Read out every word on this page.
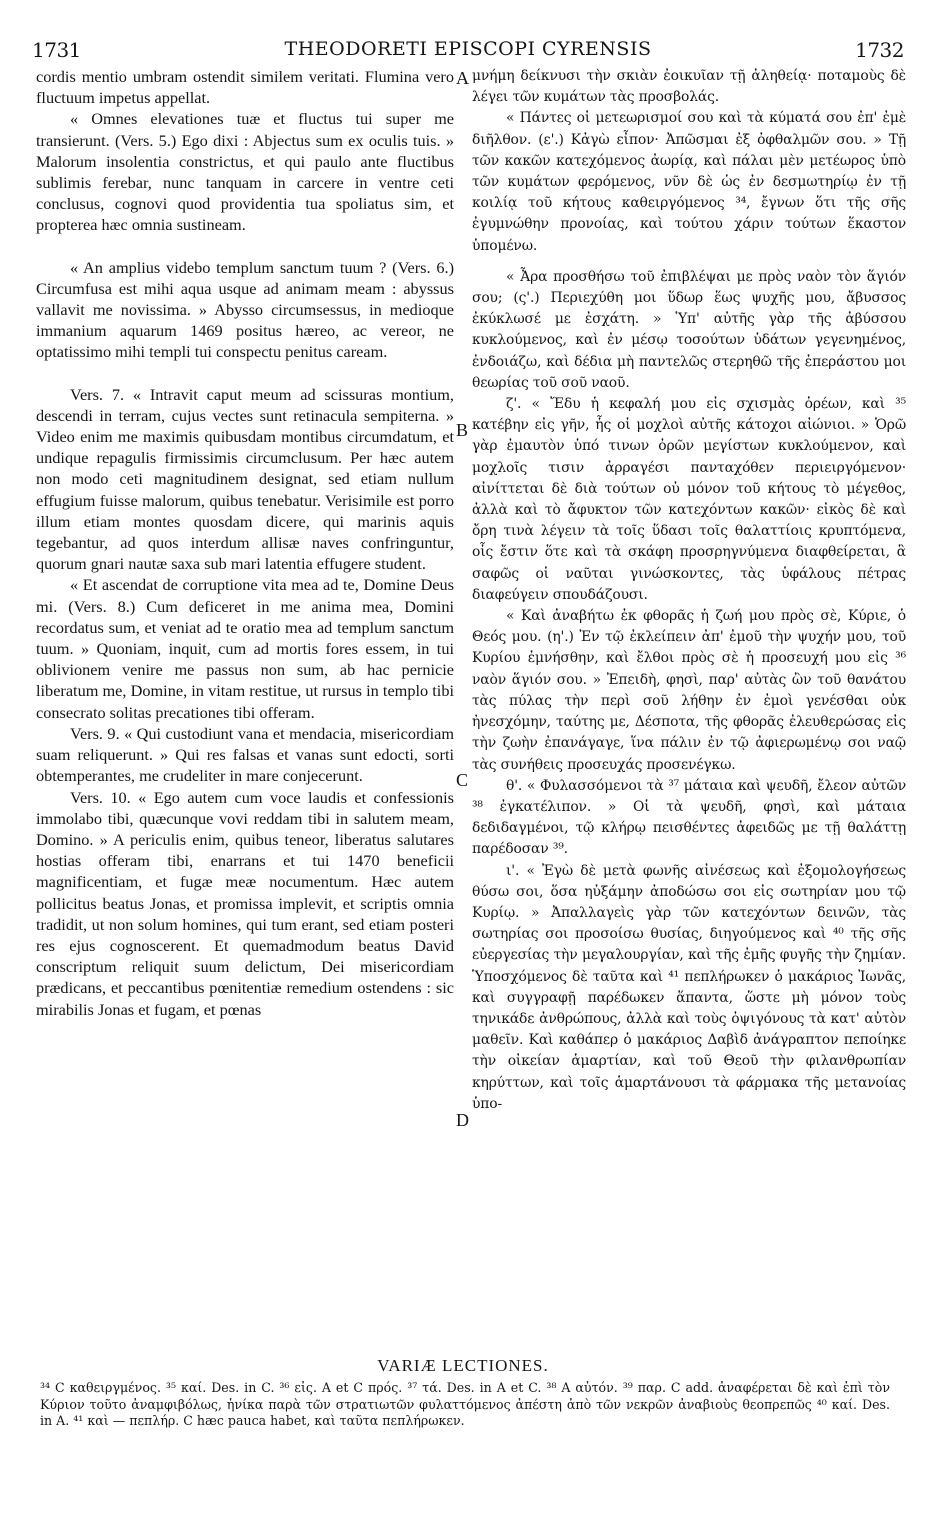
1731	THEODORETI EPISCOPI CYRENSIS	1732

cordis mentio umbram ostendit similem veritati. Flumina vero fluctuum impetus appellat.

« Omnes elevationes tuæ et fluctus tui super me transierunt. (Vers. 5.) Ego dixi : Abjectus sum ex oculis tuis. » Malorum insolentia constrictus, et qui paulo ante fluctibus sublimis ferebar, nunc tanquam in carcere in ventre ceti conclusus, cognovi quod providentia tua spoliatus sim, et propterea hæc omnia sustineam.

« An amplius videbo templum sanctum tuum ? (Vers. 6.) Circumfusa est mihi aqua usque ad animam meam : abyssus vallavit me novissima. » Abysso circumsessus, in medioque immanium aquarum 1469 positus hæreo, ac vereor, ne optatissimo mihi templi tui conspectu penitus caream.

Vers. 7. « Intravit caput meum ad scissuras montium, descendi in terram, cujus vectes sunt retinacula sempiterna. » Video enim me maximis quibusdam montibus circumdatum, et undique repagulis firmissimis circumclusum. Per hæc autem non modo ceti magnitudinem designat, sed etiam nullum effugium fuisse malorum, quibus tenebatur. Verisimile est porro illum etiam montes quosdam dicere, qui marinis aquis tegebantur, ad quos interdum allisæ naves confringuntur, quorum gnari nautæ saxa sub mari latentia effugere student.

« Et ascendat de corruptione vita mea ad te, Domine Deus mi. (Vers. 8.) Cum deficeret in me anima mea, Domini recordatus sum, et veniat ad te oratio mea ad templum sanctum tuum. » Quoniam, inquit, cum ad mortis fores essem, in tui oblivionem venire me passus non sum, ab hac pernicie liberatum me, Domine, in vitam restitue, ut rursus in templo tibi consecrato solitas precationes tibi offeram.

Vers. 9. « Qui custodiunt vana et mendacia, misericordiam suam reliquerunt. » Qui res falsas et vanas sunt edocti, sorti obtemperantes, me crudeliter in mare conjecerunt.

Vers. 10. « Ego autem cum voce laudis et confessionis immolabo tibi, quæcunque vovi reddam tibi in salutem meam, Domino. » A periculis enim, quibus teneor, liberatus salutares hostias offeram tibi, enarrans et tui 1470 beneficii magnificentiam, et fugæ meæ nocumentum. Hæc autem pollicitus beatus Jonas, et promissa implevit, et scriptis omnia tradidit, ut non solum homines, qui tum erant, sed etiam posteri res ejus cognoscerent. Et quemadmodum beatus David conscriptum reliquit suum delictum, Dei misericordiam prædicans, et peccantibus pœnitentiæ remedium ostendens : sic mirabilis Jonas et fugam, et pœnas

μνήμη δείκνυσι τὴν σκιὰν ἐοικυῖαν τῇ ἀληθείᾳ· ποταμοὺς δὲ λέγει τῶν κυμάτων τὰς προσβολάς.

« Πάντες οἱ μετεωρισμοί σου καὶ τὰ κύματά σου ἐπ' ἐμὲ διῆλθον. (ε'.) Κἀγὼ εἶπον· Ἀπῶσμαι ἐξ ὀφθαλμῶν σου. » Τῇ τῶν κακῶν κατεχόμενος ἀωρίᾳ, καὶ πάλαι μὲν μετέωρος ὑπὸ τῶν κυμάτων φερόμενος, νῦν δὲ ὡς ἐν δεσμωτηρίῳ ἐν τῇ κοιλίᾳ τοῦ κήτους καθειργόμενος ³⁴, ἔγνων ὅτι τῆς σῆς ἐγυμνώθην προνοίας, καὶ τούτου χάριν τούτων ἕκαστον ὑπομένω.

« Ἆρα προσθήσω τοῦ ἐπιβλέψαι με πρὸς ναὸν τὸν ἅγιόν σου; (ς'.) Περιεχύθη μοι ὕδωρ ἕως ψυχῆς μου, ἄβυσσος ἐκύκλωσέ με ἐσχάτη. » Ὑπ' αὐτῆς γὰρ τῆς ἀβύσσου κυκλούμενος, καὶ ἐν μέσῳ τοσούτων ὑδάτων γεγενημένος, ἐνδοιάζω, καὶ δέδια μὴ παντελῶς στερηθῶ τῆς ἐπεράστου μοι θεωρίας τοῦ σοῦ ναοῦ.

ζ'. « Ἔδυ ἡ κεφαλή μου εἰς σχισμὰς ὀρέων, καὶ ³⁵ κατέβην εἰς γῆν, ἧς οἱ μοχλοὶ αὐτῆς κάτοχοι αἰώνιοι. » Ὁρῶ γὰρ ἐμαυτὸν ὑπό τινων ὀρῶν μεγίστων κυκλούμενον, καὶ μοχλοῖς τισιν ἀρραγέσι πανταχόθεν περιειργόμενον· αἰνίττεται δὲ διὰ τούτων οὐ μόνον τοῦ κήτους τὸ μέγεθος, ἀλλὰ καὶ τὸ ἄφυκτον τῶν κατεχόντων κακῶν· εἰκὸς δὲ καὶ ὄρη τινὰ λέγειν τὰ τοῖς ὕδασι τοῖς θαλαττίοις κρυπτόμενα, οἷς ἔστιν ὅτε καὶ τὰ σκάφη προσρηγνύμενα διαφθείρεται, ἃ σαφῶς οἱ ναῦται γινώσκοντες, τὰς ὑφάλους πέτρας διαφεύγειν σπουδάζουσι.

« Καὶ ἀναβήτω ἐκ φθορᾶς ἡ ζωή μου πρὸς σὲ, Κύριε, ὁ Θεός μου. (η'.) Ἐν τῷ ἐκλείπειν ἀπ' ἐμοῦ τὴν ψυχήν μου, τοῦ Κυρίου ἐμνήσθην, καὶ ἔλθοι πρὸς σὲ ἡ προσευχή μου εἰς ³⁶ ναὸν ἅγιόν σου. » Ἐπειδὴ, φησὶ, παρ' αὐτὰς ὢν τοῦ θανάτου τὰς πύλας τὴν περὶ σοῦ λήθην ἐν ἐμοὶ γενέσθαι οὐκ ἠνεσχόμην, ταύτης με, Δέσποτα, τῆς φθορᾶς ἐλευθερώσας εἰς τὴν ζωὴν ἐπανάγαγε, ἵνα πάλιν ἐν τῷ ἀφιερωμένῳ σοι ναῷ τὰς συνήθεις προσευχάς προσενέγκω.

θ'. « Φυλασσόμενοι τὰ ³⁷ μάταια καὶ ψευδῆ, ἔλεον αὐτῶν ³⁸ ἐγκατέλιπον. » Οἱ τὰ ψευδῆ, φησὶ, καὶ μάταια δεδιδαγμένοι, τῷ κλήρῳ πεισθέντες ἀφειδῶς με τῇ θαλάττῃ παρέδοσαν ³⁹.

ι'. « Ἐγὼ δὲ μετὰ φωνῆς αἰνέσεως καὶ ἐξομολογήσεως θύσω σοι, ὅσα ηὐξάμην ἀποδώσω σοι εἰς σωτηρίαν μου τῷ Κυρίῳ. » Ἀπαλλαγεὶς γὰρ τῶν κατεχόντων δεινῶν, τὰς σωτηρίας σοι προσοίσω θυσίας, διηγούμενος καὶ ⁴⁰ τῆς σῆς εὐεργεσίας τὴν μεγαλουργίαν, καὶ τῆς ἐμῆς φυγῆς τὴν ζημίαν. Ὑποσχόμενος δὲ ταῦτα καὶ ⁴¹ πεπλήρωκεν ὁ μακάριος Ἰωνᾶς, καὶ συγγραφῇ παρέδωκεν ἅπαντα, ὥστε μὴ μόνον τοὺς τηνικάδε ἀνθρώπους, ἀλλὰ καὶ τοὺς ὀψιγόνους τὰ κατ' αὐτὸν μαθεῖν. Καὶ καθάπερ ὁ μακάριος Δαβὶδ ἀνάγραπτον πεποίηκε τὴν οἰκείαν ἁμαρτίαν, καὶ τοῦ Θεοῦ τὴν φιλανθρωπίαν κηρύττων, καὶ τοῖς ἁμαρτάνουσι τὰ φάρμακα τῆς μετανοίας ὑπο-

A
B
C
D
VARIÆ LECTIONES.

³⁴ C καθειργμένος. ³⁵ καί. Des. in C. ³⁶ εἰς. A et C πρός. ³⁷ τά. Des. in A et C. ³⁸ A αὐτόν. ³⁹ παρ. C add. ἀναφέρεται δὲ καὶ ἐπὶ τὸν Κύριον τοῦτο ἀναμφιβόλως, ἡνίκα παρὰ τῶν στρατιωτῶν φυλαττόμενος ἀπέστη ἀπὸ τῶν νεκρῶν ἀναβιοὺς θεοπρεπῶς ⁴⁰ καί. Des. in A. ⁴¹ καὶ — πεπλήρ. C hæc pauca habet, καὶ ταῦτα πεπλήρωκεν.
